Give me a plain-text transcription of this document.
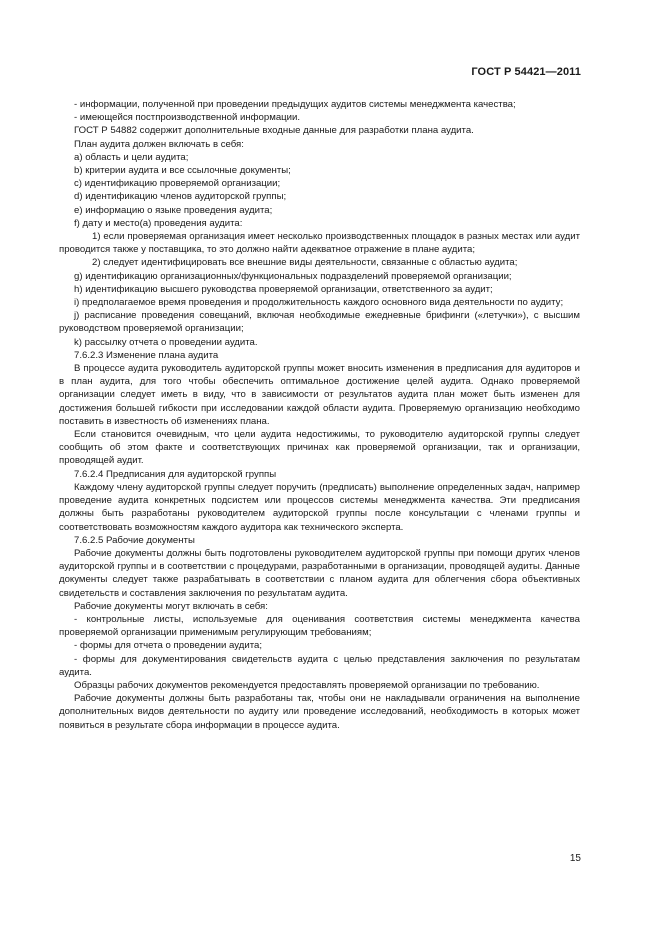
ГОСТ Р 54421—2011

- информации, полученной при проведении предыдущих аудитов системы менеджмента качества;

- имеющейся постпроизводственной информации.

ГОСТ Р 54882 содержит дополнительные входные данные для разработки плана аудита.

План аудита должен включать в себя:

a) область и цели аудита;

b) критерии аудита и все ссылочные документы;

c) идентификацию проверяемой организации;

d) идентификацию членов аудиторской группы;

e) информацию о языке проведения аудита;

f) дату и место(а) проведения аудита:

1) если проверяемая организация имеет несколько производственных площадок в разных местах или аудит проводится также у поставщика, то это должно найти адекватное отражение в плане аудита;

2) следует идентифицировать все внешние виды деятельности, связанные с областью аудита;

g) идентификацию организационных/функциональных подразделений проверяемой организации;

h) идентификацию высшего руководства проверяемой организации, ответственного за аудит;

i) предполагаемое время проведения и продолжительность каждого основного вида деятельности по аудиту;

j) расписание проведения совещаний, включая необходимые ежедневные брифинги («летучки»), с высшим руководством проверяемой организации;

k) рассылку отчета о проведении аудита.

7.6.2.3 Изменение плана аудита

В процессе аудита руководитель аудиторской группы может вносить изменения в предписания для аудиторов и в план аудита, для того чтобы обеспечить оптимальное достижение целей аудита. Однако проверяемой организации следует иметь в виду, что в зависимости от результатов аудита план может быть изменен для достижения большей гибкости при исследовании каждой области аудита. Проверяемую организацию необходимо поставить в известность об изменениях плана.

Если становится очевидным, что цели аудита недостижимы, то руководителю аудиторской группы следует сообщить об этом факте и соответствующих причинах как проверяемой организации, так и организации, проводящей аудит.

7.6.2.4 Предписания для аудиторской группы

Каждому члену аудиторской группы следует поручить (предписать) выполнение определенных задач, например проведение аудита конкретных подсистем или процессов системы менеджмента качества. Эти предписания должны быть разработаны руководителем аудиторской группы после консультации с членами группы и соответствовать возможностям каждого аудитора как технического эксперта.

7.6.2.5 Рабочие документы

Рабочие документы должны быть подготовлены руководителем аудиторской группы при помощи других членов аудиторской группы и в соответствии с процедурами, разработанными в организации, проводящей аудиты. Данные документы следует также разрабатывать в соответствии с планом аудита для облегчения сбора объективных свидетельств и составления заключения по результатам аудита.

Рабочие документы могут включать в себя:

- контрольные листы, используемые для оценивания соответствия системы менеджмента качества проверяемой организации применимым регулирующим требованиям;

- формы для отчета о проведении аудита;

- формы для документирования свидетельств аудита с целью представления заключения по результатам аудита.

Образцы рабочих документов рекомендуется предоставлять проверяемой организации по требованию.

Рабочие документы должны быть разработаны так, чтобы они не накладывали ограничения на выполнение дополнительных видов деятельности по аудиту или проведение исследований, необходимость в которых может появиться в результате сбора информации в процессе аудита.

15
